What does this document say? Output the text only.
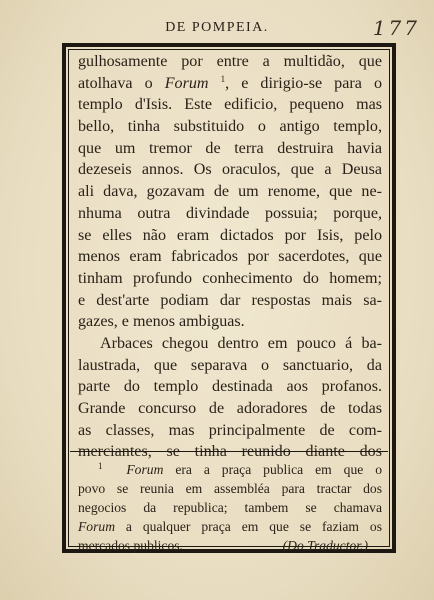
DE POMPEIA.	177
gulhosamente por entre a multidão, que
atolhava o Forum $^1$, e dirigio-se para o
templo d'Isis. Este edificio, pequeno mas
bello, tinha substituido o antigo templo,
que um tremor de terra destruira havia
dezeseis annos. Os oraculos, que a Deusa
ali dava, gozavam de um renome, que ne-
nhuma outra divindade possuia; porque,
se elles não eram dictados por Isis, pelo
menos eram fabricados por sacerdotes, que
tinham profundo conhecimento do homem;
e dest'arte podiam dar respostas mais sa-
gazes, e menos ambiguas.
Arbaces chegou dentro em pouco á ba-
laustrada, que separava o sanctuario, da
parte do templo destinada aos profanos.
Grande concurso de adoradores de todas
as classes, mas principalmente de com-
merciantes, se tinha reunido diante dos
$^1$ Forum era a praça publica em que o
povo se reunia em assembléa para tractar dos
negocios da republica; tambem se chamava
Forum a qualquer praça em que se faziam os
mercados publicos.	(Do Traductor.)
